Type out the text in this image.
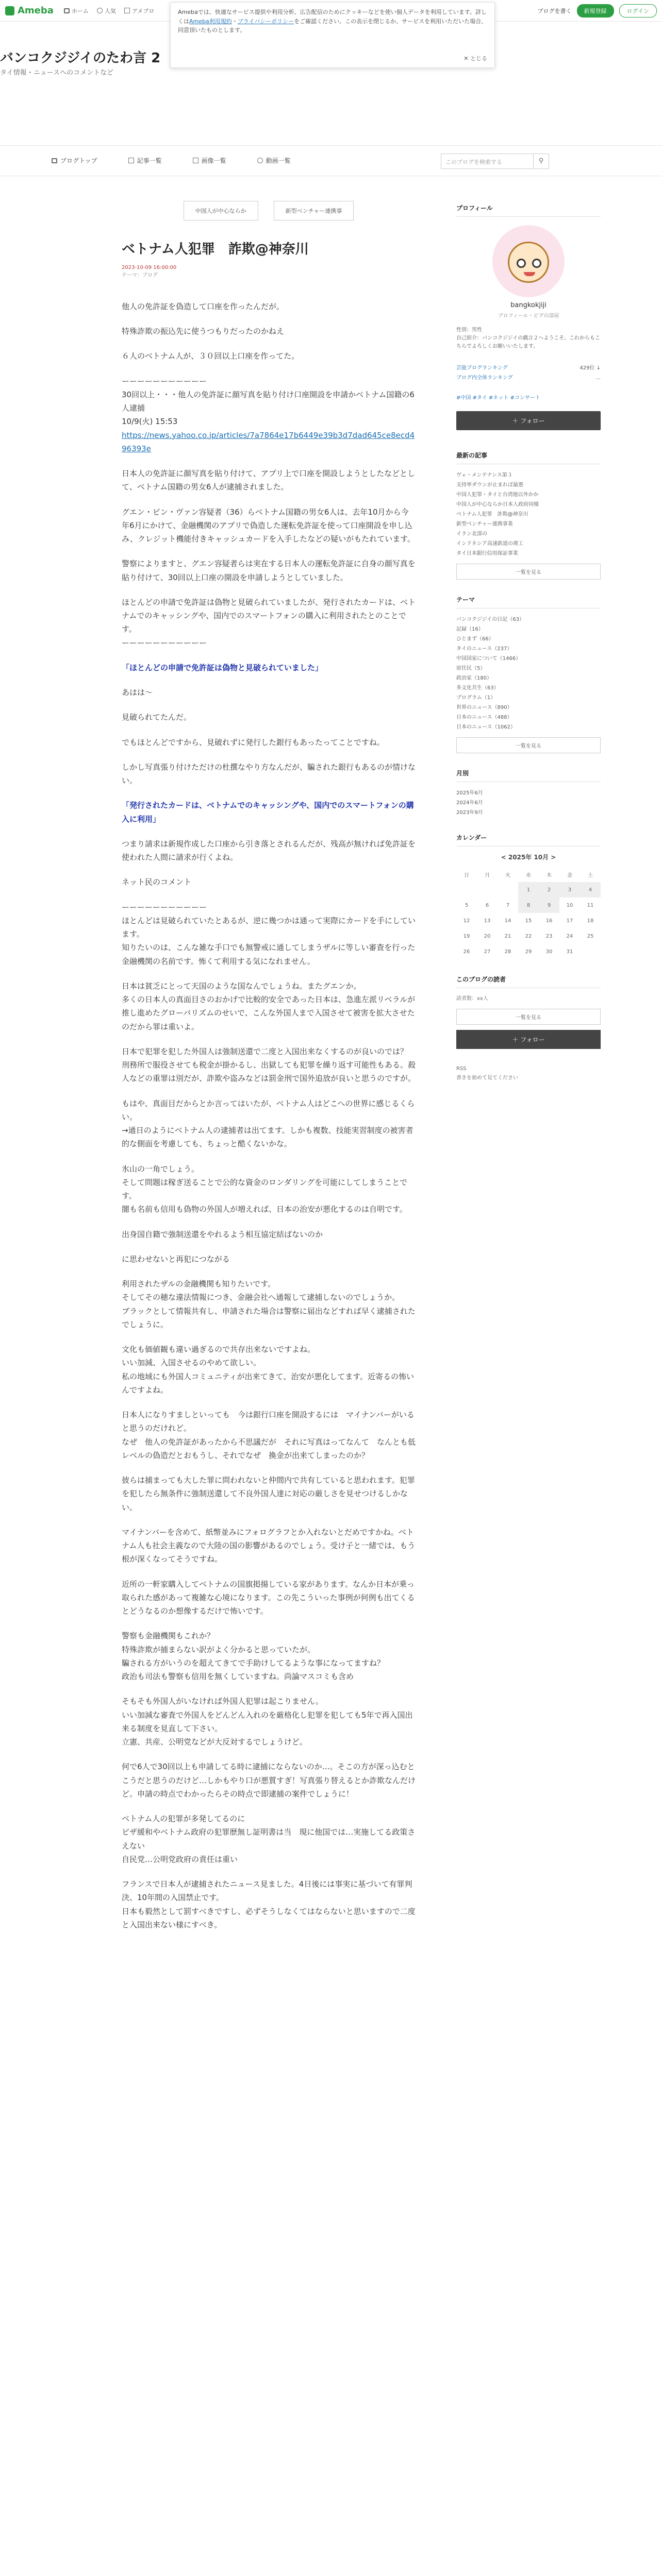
Ameba	ホーム	人気	アメブロ	ブログを書く	新規登録	ログイン
Amebaでは、快適なサービス提供や利用分析、広告配信のためにクッキーなどを使い個人データを利用しています。詳しくはAmeba利用規約・プライバシーポリシーをご確認ください。この表示を閉じるか、サービスを利用いただいた場合、同意頂いたものとします。
✕ とじる
バンコクジジイのたわ言 2
タイ情報・ニュースへのコメントなど
ブログトップ	記事一覧	画像一覧	動画一覧	このブログを検索する	⚲
中国人が中心ならか	新型ベンチャー連携事
ベトナム人犯罪　詐欺@神奈川
2023-10-09 16:00:00
テーマ：ブログ

他人の免許証を偽造して口座を作ったんだが。

特殊詐欺の振込先に使うつもりだったのかねえ

６人のベトナム人が、３０回以上口座を作ってた。

ーーーーーーーーーーー
30回以上・・・他人の免許証に顔写真を貼り付け口座開設を申請かベトナム国籍の6人逮捕
10/9(火) 15:53

https://news.yahoo.co.jp/articles/7a7864e17b6449e39b3d7dad645ce8ecd496393e

日本人の免許証に顔写真を貼り付けて、アプリ上で口座を開設しようとしたなどとして、ベトナム国籍の男女6人が逮捕されました。

グエン・ビン・ヴァン容疑者（36）らベトナム国籍の男女6人は、去年10月から今年6月にかけて、金融機関のアプリで偽造した運転免許証を使って口座開設を申し込み、クレジット機能付きキャッシュカードを入手したなどの疑いがもたれています。

警察によりますと、グエン容疑者らは実在する日本人の運転免許証に自身の顔写真を貼り付けて、30回以上口座の開設を申請しようとしていました。

ほとんどの申請で免許証は偽物と見破られていましたが、発行されたカードは、ベトナムでのキャッシングや、国内でのスマートフォンの購入に利用されたとのことです。
ーーーーーーーーーーー

「ほとんどの申請で免許証は偽物と見破られていました」

あはは〜

見破られてたんだ。

でもほとんどですから、見破れずに発行した銀行もあったってことですね。

しかし写真張り付けただけの杜撰なやり方なんだが、騙された銀行もあるのが情けない。

「発行されたカードは、ベトナムでのキャッシングや、国内でのスマートフォンの購入に利用」

つまり請求は新規作成した口座から引き落とされるんだが、残高が無ければ免許証を使われた人間に請求が行くよね。

ネット民のコメント

ーーーーーーーーーーー
ほとんどは見破られていたとあるが、逆に幾つかは通って実際にカードを手にしています。
知りたいのは、こんな雑な手口でも無警戒に通してしまうザルに等しい審査を行った金融機関の名前です。怖くて利用する気になれません。

日本は貧乏にとって天国のような国なんでしょうね。またグエンか。
多くの日本人の真面目さのおかげで比較的安全であった日本は、急進左派リベラルが推し進めたグローバリズムのせいで、こんな外国人まで入国させて被害を拡大させたのだから罪は重いよ。

日本で犯罪を犯した外国人は強制送還で二度と入国出来なくするのが良いのでは？　刑務所で服役させても税金が掛かるし、出獄しても犯罪を繰り返す可能性もある。殺人などの重罪は別だが、詐欺や盗みなどは罰金刑で国外追放が良いと思うのですが。

もはや、真面目だからとか言ってはいたが、ベトナム人はどこへの世界に感じるくらい。
→通日のようにベトナム人の逮捕者は出てます。しかも複数、技能実習制度の被害者的な側面を考慮しても、ちょっと酷くないかな。

氷山の一角でしょう。
そして問題は稼ぎ送ることで公的な資金のロンダリングを可能にしてしまうことです。
闇も名前も信用も偽物の外国人が増えれば、日本の治安が悪化するのは自明です。

出身国自籍で強制送還をやれるよう相互協定結ばないのか

に思わせないと再犯につながる

利用されたザルの金融機関も知りたいです。
そしてその穂な違法情報につき、金融会社へ通報して逮捕しないのでしょうか。
ブラックとして情報共有し、申請された場合は警察に届出などすれば早く逮捕されたでしょうに。

文化も価値観も違い過ぎるので共存出来ないですよね。
いい加減、入国させるのやめて欲しい。
私の地域にも外国人コミュニティが出来てきて、治安が悪化してます。近寄るの怖いんですよね。

日本人になりすましといっても　今は銀行口座を開設するには　マイナンバーがいると思うのだけれど。
なぜ　他人の免許証があったから不思議だが　それに写真はってなんて　なんとも低レベルの偽造だとおもうし、それでなぜ　換金が出来てしまったのか？

彼らは捕まっても大した罪に問われないと仲間内で共有していると思われます。犯罪を犯したら無条件に強制送還して不良外国人達に対応の厳しさを見せつけるしかない。

マイナンバーを含めて、紙幣並みにフォログラフとか入れないとだめですかね。ベトナム人も社会主義なので大陸の国の影響があるのでしょう。受け子と一緒では、もう根が深くなってそうですね。

近所の一軒家購入してベトナムの国旗掲揚している家があります。なんか日本が乗っ取られた感があって複雑な心境になります。この先こういった事例が何例も出てくるとどうなるのか想像するだけで怖いです。

警察も金融機関もこれか？
特殊詐欺が捕まらない訳がよく分かると思っていたが。
騙される方がいうのを超えてきてで手助けしてるような事になってますね？
政治も司法も警察も信用を無くしていますね。尚論マスコミも含め

そもそも外国人がいなければ外国人犯罪は起こりません。
いい加減な審査で外国人をどんどん入れのを厳格化し犯罪を犯しても5年で再入国出来る制度を見直して下さい。
立憲、共産、公明党などが大反対するでしょうけど。

何で6人で30回以上も申請してる時に逮捕にならないのか…。そこの方が深っ込むとこうだと思うのだけど…しかもやり口が悪質すぎ！写真張り替えるとか詐欺なんだけど。申請の時点でわかったらその時点で即逮捕の案件でしょうに！

ベトナム人の犯罪が多発してるのに
ビザ緩和やベトナム政府の犯罪歴無し証明書は当　現に他国では…実施してる政策さえない
自民党…公明党政府の責任は重い

フランスで日本人が逮捕されたニュース見ました。4日後には事実に基づいて有罪判決、10年間の入国禁止です。
日本も毅然として罰すべきですし、必ずそうしなくてはならないと思いますので二度と入国出来ない様にすべき。

プロフィール
bangkokjiji
プロフィール・ピグの部屋
性別：男性
自己紹介：バンコクジジイの戯言２へようこそ。これからもこちらでよろしくお願いいたします。
芸能ブログランキング	429位 ↓
ブログ内全体ランキング	...
#中国 #タイ #ネット #コンサート
＋ フォロー
最新の記事
ヴェ・メンテナンス第３
支持率ダウンが止まれば最悪
中国人犯罪・タイと台湾他以外かか
中国人が中心ならか日本人政府同様
ベトナム人犯罪　詐欺@神奈川
新型ベンチャー連携事業
イラン北部の
インドネシア高速鉄道の竣工
タイ日本銀行信用保証事業
一覧を見る
テーマ
バンコクジジイの日記（63）
記録（16）
ひとまず（66）
タイのニュース（237）
中国国家について（1466）
原住民（5）
政治家（180）
多文化共生（63）
プログラム（1）
世界のニュース（890）
日本のニュース（488）
日本のニュース（1062）
一覧を見る
月別
2025年6月
2024年6月
2023年9月
カレンダー
< 2025年 10月 >
日	月	火	水	木	金	土
			1	2	3	4
5	6	7	8	9	10	11
12	13	14	15	16	17	18
19	20	21	22	23	24	25
26	27	28	29	30	31	
このブログの読者
読者数：xx人
一覧を見る
＋ フォロー
RSS
書きを始めて見てください
